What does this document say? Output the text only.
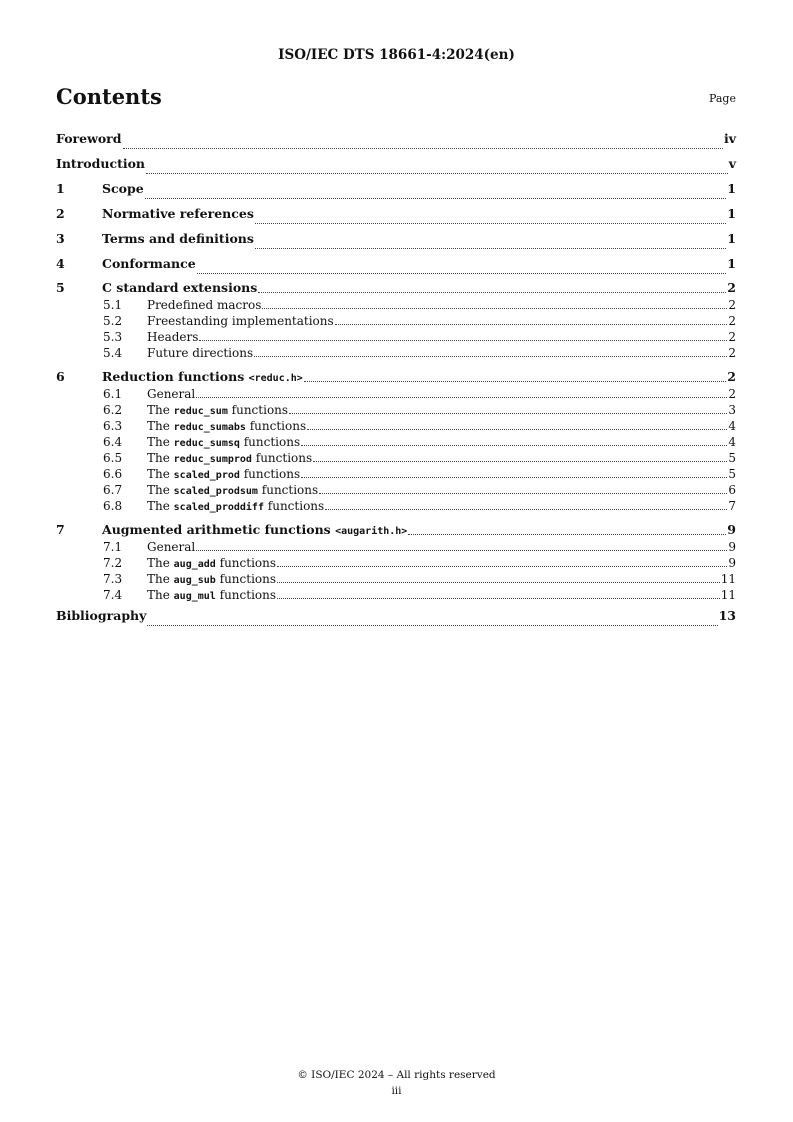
ISO/IEC DTS 18661-4:2024(en)
Contents	Page
Foreword	iv
Introduction	v
1	Scope	1
2	Normative references	1
3	Terms and definitions	1
4	Conformance	1
5	C standard extensions	2
5.1	Predefined macros	2
5.2	Freestanding implementations	2
5.3	Headers	2
5.4	Future directions	2
6	Reduction functions <reduc.h>	2
6.1	General	2
6.2	The reduc_sum functions	3
6.3	The reduc_sumabs functions	4
6.4	The reduc_sumsq functions	4
6.5	The reduc_sumprod functions	5
6.6	The scaled_prod functions	5
6.7	The scaled_prodsum functions	6
6.8	The scaled_proddiff functions	7
7	Augmented arithmetic functions <augarith.h>	9
7.1	General	9
7.2	The aug_add functions	9
7.3	The aug_sub functions	11
7.4	The aug_mul functions	11
Bibliography	13
© ISO/IEC 2024 – All rights reserved
iii
